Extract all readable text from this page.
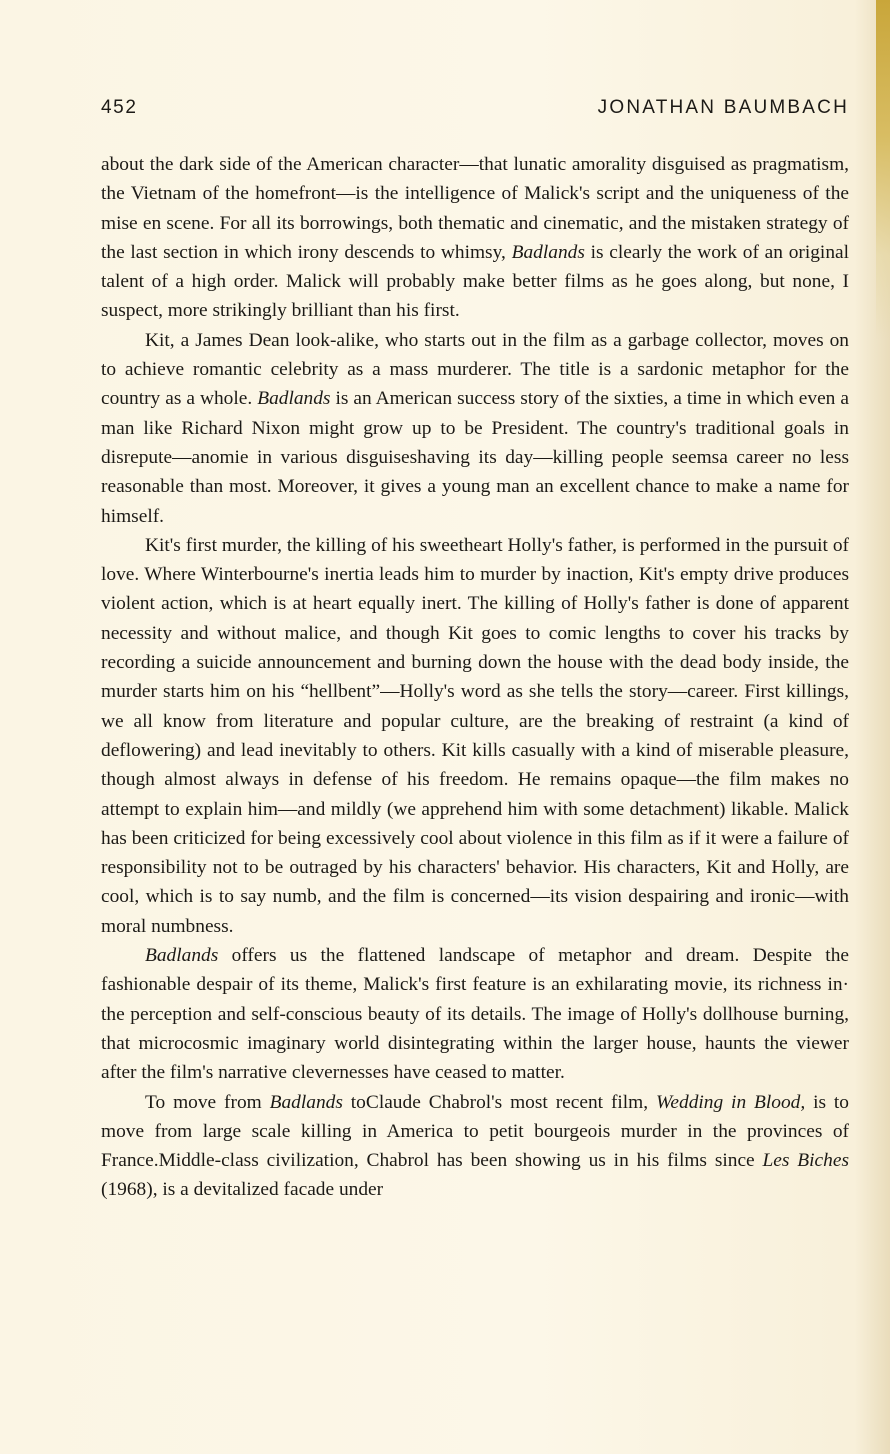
452	JONATHAN BAUMBACH

about the dark side of the American character—that lunatic amorality disguised as pragmatism, the Vietnam of the homefront—is the intelligence of Malick's script and the uniqueness of the mise en scene. For all its borrowings, both thematic and cinematic, and the mistaken strategy of the last section in which irony descends to whimsy, Badlands is clearly the work of an original talent of a high order. Malick will probably make better films as he goes along, but none, I suspect, more strikingly brilliant than his first.

Kit, a James Dean look-alike, who starts out in the film as a garbage collector, moves on to achieve romantic celebrity as a mass murderer. The title is a sardonic metaphor for the country as a whole. Badlands is an American success story of the sixties, a time in which even a man like Richard Nixon might grow up to be President. The country's traditional goals in disrepute—anomie in various disguiseshaving its day—killing people seemsa career no less reasonable than most. Moreover, it gives a young man an excellent chance to make a name for himself.

Kit's first murder, the killing of his sweetheart Holly's father, is performed in the pursuit of love. Where Winterbourne's inertia leads him to murder by inaction, Kit's empty drive produces violent action, which is at heart equally inert. The killing of Holly's father is done of apparent necessity and without malice, and though Kit goes to comic lengths to cover his tracks by recording a suicide announcement and burning down the house with the dead body inside, the murder starts him on his “hellbent”—Holly's word as she tells the story—career. First killings, we all know from literature and popular culture, are the breaking of restraint (a kind of deflowering) and lead inevitably to others. Kit kills casually with a kind of miserable pleasure, though almost always in defense of his freedom. He remains opaque—the film makes no attempt to explain him—and mildly (we apprehend him with some detachment) likable. Malick has been criticized for being excessively cool about violence in this film as if it were a failure of responsibility not to be outraged by his characters' behavior. His characters, Kit and Holly, are cool, which is to say numb, and the film is concerned—its vision despairing and ironic—with moral numbness.

Badlands offers us the flattened landscape of metaphor and dream. Despite the fashionable despair of its theme, Malick's first feature is an exhilarating movie, its richness in· the perception and self-conscious beauty of its details. The image of Holly's dollhouse burning, that microcosmic imaginary world disintegrating within the larger house, haunts the viewer after the film's narrative clevernesses have ceased to matter.

To move from Badlands toClaude Chabrol's most recent film, Wedding in Blood, is to move from large scale killing in America to petit bourgeois murder in the provinces of France.Middle-class civilization, Chabrol has been showing us in his films since Les Biches (1968), is a devitalized facade under
